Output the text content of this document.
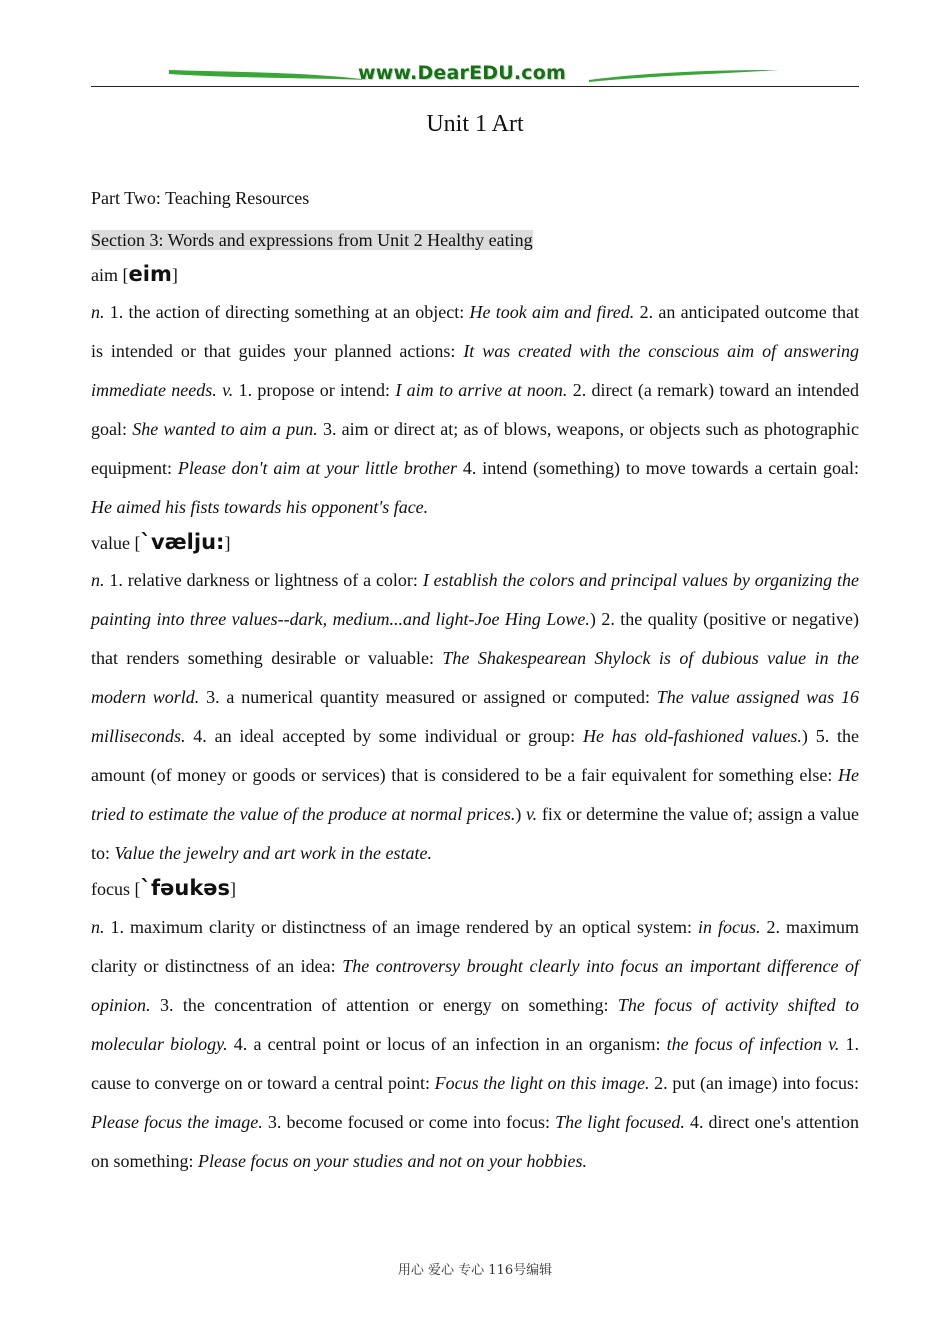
www.DearEDU.com
Unit 1 Art
Part Two: Teaching Resources
Section 3: Words and expressions from Unit 2 Healthy eating
aim [eim]
n. 1. the action of directing something at an object: He took aim and fired. 2. an anticipated outcome that is intended or that guides your planned actions: It was created with the conscious aim of answering immediate needs. v. 1. propose or intend: I aim to arrive at noon. 2. direct (a remark) toward an intended goal: She wanted to aim a pun. 3. aim or direct at; as of blows, weapons, or objects such as photographic equipment: Please don't aim at your little brother 4. intend (something) to move towards a certain goal: He aimed his fists towards his opponent's face.
value [ˋvælju:]
n. 1. relative darkness or lightness of a color: I establish the colors and principal values by organizing the painting into three values--dark, medium...and light-Joe Hing Lowe.) 2. the quality (positive or negative) that renders something desirable or valuable: The Shakespearean Shylock is of dubious value in the modern world. 3. a numerical quantity measured or assigned or computed: The value assigned was 16 milliseconds. 4. an ideal accepted by some individual or group: He has old-fashioned values.) 5. the amount (of money or goods or services) that is considered to be a fair equivalent for something else: He tried to estimate the value of the produce at normal prices.) v. fix or determine the value of; assign a value to: Value the jewelry and art work in the estate.
focus [ˋfəukəs]
n. 1. maximum clarity or distinctness of an image rendered by an optical system: in focus. 2. maximum clarity or distinctness of an idea: The controversy brought clearly into focus an important difference of opinion. 3. the concentration of attention or energy on something: The focus of activity shifted to molecular biology. 4. a central point or locus of an infection in an organism: the focus of infection v. 1. cause to converge on or toward a central point: Focus the light on this image. 2. put (an image) into focus: Please focus the image. 3. become focused or come into focus: The light focused. 4. direct one's attention on something: Please focus on your studies and not on your hobbies.
用心 爱心 专心 116号编辑
